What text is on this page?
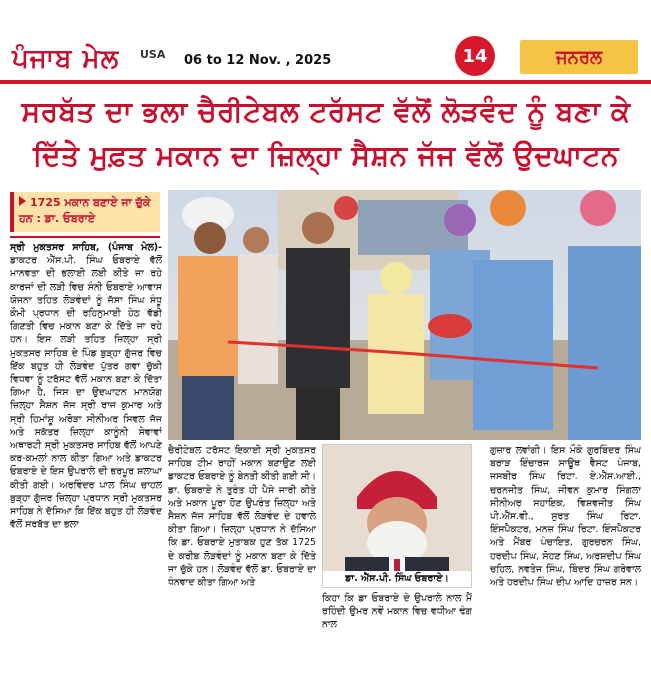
ਪੰਜਾਬ ਮੇਲ USA 06 to 12 Nov. , 2025	14	ਜਨਰਲ
ਸਰਬੱਤ ਦਾ ਭਲਾ ਚੈਰੀਟੇਬਲ ਟਰੱਸਟ ਵੱਲੋਂ ਲੋੜਵੰਦ ਨੂੰ ਬਣਾ ਕੇ
ਦਿੱਤੇ ਮੁਫ਼ਤ ਮਕਾਨ ਦਾ ਜ਼ਿਲ੍ਹਾ ਸੈਸ਼ਨ ਜੱਜ ਵੱਲੋਂ ਉਦਘਾਟਨ
1725 ਮਕਾਨ ਬਣਾਏ ਜਾ ਚੁੱਕੇ ਹਨ : ਡਾ. ਓਬਰਾਏ
ਸ੍ਰੀ ਮੁਕਤਸਰ ਸਾਹਿਬ, (ਪੰਜਾਬ ਮੇਲ)- ਡਾਕਟਰ ਐੱਸ.ਪੀ. ਸਿੰਘ ਓਬਰਾਏ ਵੱਲੋਂ ਮਾਨਵਤਾ ਦੀ ਭਲਾਈ ਲਈ ਕੀਤੇ ਜਾ ਰਹੇ ਕਾਰਜਾਂ ਦੀ ਲੜੀ ਵਿਚ ਸੰਨੀ ਓਬਰਾਏ ਆਵਾਸ ਯੋਜਨਾ ਤਹਿਤ ਲੋੜਵੰਦਾਂ ਨੂੰ ਜੱਸਾ ਸਿੰਘ ਸੰਧੂ ਕੌਮੀ ਪ੍ਰਧਾਨ ਦੀ ਰਹਿਨੁਮਾਈ ਹੇਠ ਵੱਡੀ ਗਿਣਤੀ ਵਿਚ ਮਕਾਨ ਬਣਾ ਕੇ ਦਿੱਤੇ ਜਾ ਰਹੇ ਹਨ। ਇਸ ਲੜੀ ਤਹਿਤ ਜ਼ਿਲ੍ਹਾ ਸ੍ਰੀ ਮੁਕਤਸਰ ਸਾਹਿਬ ਦੇ ਪਿੰਡ ਬੁੜ੍ਹਾ ਗੁੱਜਰ ਵਿਚ ਇੱਕ ਬਹੁਤ ਹੀ ਲੋੜਵੰਦ ਪੁੱਤਰ ਗਵਾ ਚੁੱਕੀ ਵਿਧਵਾ ਨੂੰ ਟਰੱਸਟ ਵੱਲੋਂ ਮਕਾਨ ਬਣਾ ਕੇ ਦਿੱਤਾ ਗਿਆ ਹੈ, ਜਿਸ ਦਾ ਉਦਘਾਟਨ ਮਾਨਯੋਗ ਜ਼ਿਲ੍ਹਾ ਸੈਸ਼ਨ ਜੱਜ ਸ੍ਰੀ ਰਾਜ ਕੁਮਾਰ ਅਤੇ ਸ੍ਰੀ ਹਿਮਾਂਸ਼ੂ ਅਰੋੜਾ ਸੀਨੀਅਰ ਸਿਵਲ ਜੱਜ ਅਤੇ ਸਕੱਤਰ ਜ਼ਿਲ੍ਹਾ ਕਾਨੂੰਨੀ ਸੇਵਾਵਾਂ ਅਥਾਰਟੀ ਸ੍ਰੀ ਮੁਕਤਸਰ ਸਾਹਿਬ ਵੱਲੋਂ ਆਪਣੇ ਕਰ-ਕਮਲਾਂ ਨਾਲ ਕੀਤਾ ਗਿਆ ਅਤੇ ਡਾਕਟਰ ਓਬਰਾਏ ਦੇ ਇਸ ਉਪਰਾਲੇ ਦੀ ਭਰਪੂਰ ਸ਼ਲਾਘਾ ਕੀਤੀ ਗਈ। ਅਰਵਿੰਦਰ ਪਾਲ ਸਿੰਘ ਚਾਹਲ ਬੁੜ੍ਹਾ ਗੁੱਜਰ ਜ਼ਿਲ੍ਹਾ ਪ੍ਰਧਾਨ ਸ੍ਰੀ ਮੁਕਤਸਰ ਸਾਹਿਬ ਨੇ ਦੱਸਿਆ ਕਿ ਇੱਕ ਬਹੁਤ ਹੀ ਲੋੜਵੰਦ ਵੱਲੋਂ ਸਰਬੱਤ ਦਾ ਭਲਾ
ਚੈਰੀਟੇਬਲ ਟਰੱਸਟ ਇਕਾਈ ਸ੍ਰੀ ਮੁਕਤਸਰ ਸਾਹਿਬ ਟੀਮ ਰਾਹੀਂ ਮਕਾਨ ਬਣਾਉਣ ਲਈ ਡਾਕਟਰ ਓਬਰਾਏ ਨੂੰ ਬੇਨਤੀ ਕੀਤੀ ਗਈ ਸੀ। ਡਾ. ਓਬਰਾਏ ਨੇ ਤੁਰੰਤ ਹੀ ਪੈਸੇ ਜਾਰੀ ਕੀਤੇ ਅਤੇ ਮਕਾਨ ਪੂਰਾ ਹੋਣ ਉਪਰੰਤ ਜ਼ਿਲ੍ਹਾ ਅਤੇ ਸੈਸ਼ਨ ਜੱਜ ਸਾਹਿਬ ਵੱਲੋਂ ਲੋੜਵੰਦ ਦੇ ਹਵਾਲੇ ਕੀਤਾ ਗਿਆ। ਜ਼ਿਲ੍ਹਾ ਪ੍ਰਧਾਨ ਨੇ ਦੱਸਿਆ ਕਿ ਡਾ. ਓਬਰਾਏ ਮੁਤਾਬਕ ਹੁਣ ਤੱਕ 1725 ਦੇ ਕਰੀਬ ਲੋੜਵੰਦਾਂ ਨੂੰ ਮਕਾਨ ਬਣਾ ਕੇ ਦਿੱਤੇ ਜਾ ਚੁੱਕੇ ਹਨ। ਲੋੜਵੰਦ ਵੱਲੋਂ ਡਾ. ਓਬਰਾਏ ਦਾ ਧੰਨਵਾਦ ਕੀਤਾ ਗਿਆ ਅਤੇ	ਡਾ. ਐੱਸ.ਪੀ. ਸਿੰਘ ਓਬਰਾਏ।
ਕਿਹਾ ਕਿ ਡਾ ਓਬਰਾਏ ਦੇ ਉਪਰਾਲੇ ਨਾਲ ਮੈਂ ਰਹਿੰਦੀ ਉਮਰ ਨਵੇਂ ਮਕਾਨ ਵਿਚ ਵਧੀਆ ਢੰਗ ਨਾਲ
ਗੁਜ਼ਾਰ ਲਵਾਂਗੀ। ਇਸ ਮੌਕੇ ਗੁਰਬਿੰਦਰ ਸਿੰਘ ਬਰਾੜ ਇੰਚਾਰਜ ਸਾਊਥ ਵੈਸਟ ਪੰਜਾਬ, ਜਸਬੀਰ ਸਿੰਘ ਰਿਟਾ. ਏ.ਐੱਸ.ਆਈ., ਚਰਨਜੀਤ ਸਿੰਘ, ਜੀਵਨ ਕੁਮਾਰ ਸਿੰਗਲਾ ਸੀਨੀਅਰ ਸਹਾਇਕ, ਵਿਸ਼ਵਜੀਤ ਸਿੰਘ ਪੀ.ਐੱਸ.ਵੀ., ਸੁਰਤ ਸਿੰਘ ਰਿਟਾ. ਇੰਸਪੈਕਟਰ, ਮਨਜ਼ ਸਿੰਘ ਰਿਟਾ. ਇੰਸਪੈਕਟਰ ਅਤੇ ਮੈਂਬਰ ਪੰਚਾਇਤ, ਗੁਰਚਰਨ ਸਿੰਘ, ਹਰਦੀਪ ਸਿੰਘ, ਸੋਹਣ ਸਿੰਘ, ਅਰਸ਼ਦੀਪ ਸਿੰਘ ਚਹਿਲ, ਨਵਤੇਜ ਸਿੰਘ, ਬਿੰਦਰ ਸਿੰਘ ਗਰੇਵਾਲ ਅਤੇ ਹਰਦੀਪ ਸਿੰਘ ਦੀਪ ਆਦਿ ਹਾਜ਼ਰ ਸਨ।
